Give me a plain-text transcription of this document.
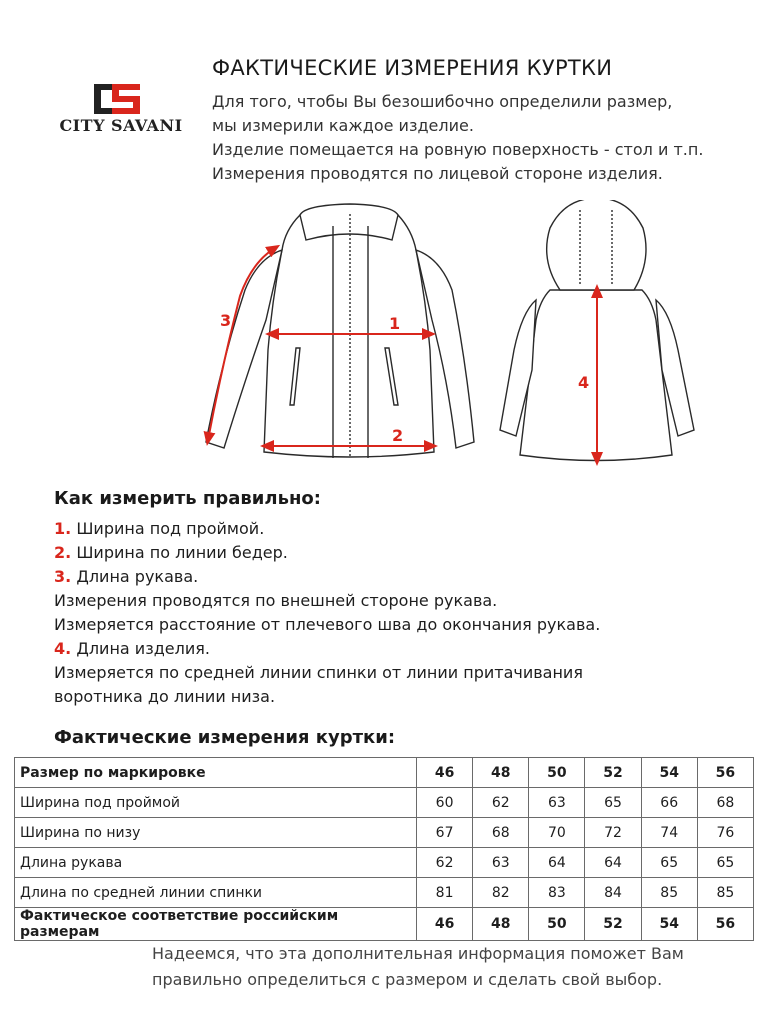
CITY SAVANI
ФАКТИЧЕСКИЕ ИЗМЕРЕНИЯ КУРТКИ
Для того, чтобы Вы безошибочно определили размер,
мы измерили каждое изделие.
Изделие помещается на ровную поверхность - стол и т.п.
Измерения проводятся по лицевой стороне изделия.
1
2
3
4
Как измерить правильно:
1. Ширина под проймой.
2. Ширина по линии бедер.
3. Длина рукава.
Измерения проводятся по внешней стороне рукава.
Измеряется расстояние от плечевого шва до окончания рукава.
4. Длина изделия.
Измеряется по средней линии спинки от линии притачивания
воротника до линии низа.
Фактические измерения куртки:
Размер по маркировке	46	48	50	52	54	56
Ширина под проймой	60	62	63	65	66	68
Ширина по низу	67	68	70	72	74	76
Длина рукава	62	63	64	64	65	65
Длина по средней линии спинки	81	82	83	84	85	85
Фактическое соответствие российским размерам	46	48	50	52	54	56
Надеемся, что эта дополнительная информация поможет Вам
правильно определиться с размером и сделать свой выбор.
